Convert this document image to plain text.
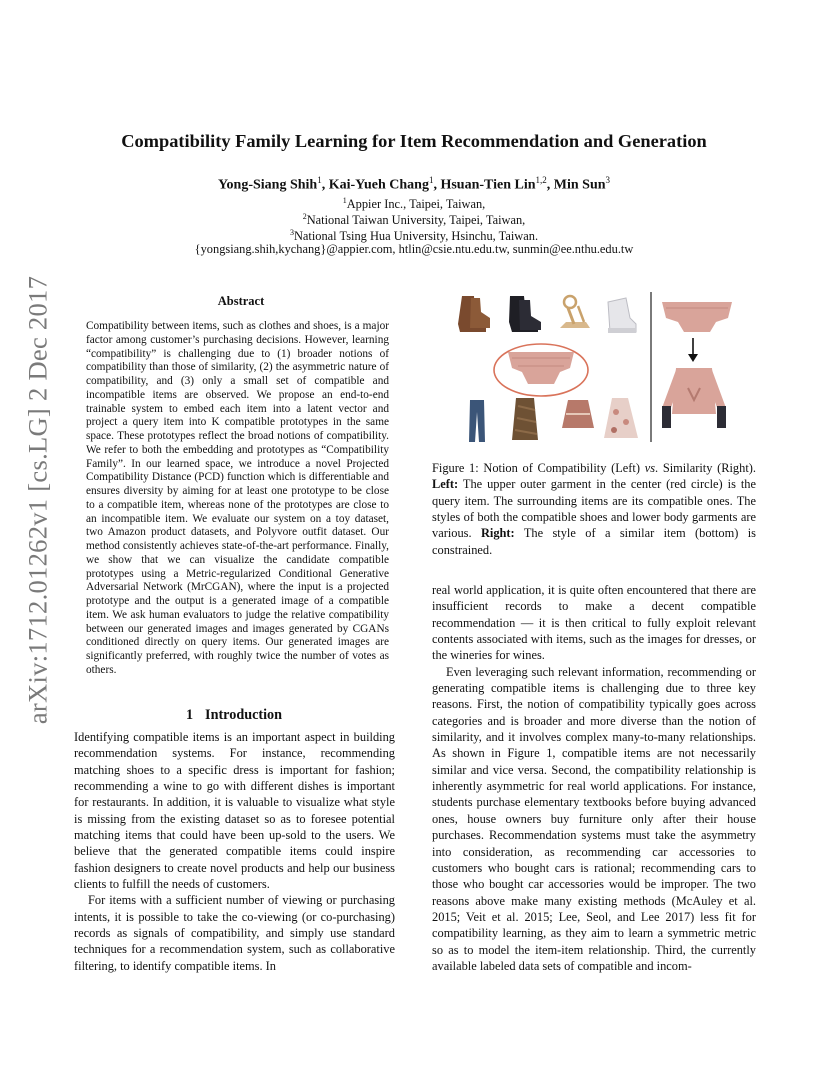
arXiv:1712.01262v1 [cs.LG] 2 Dec 2017
Compatibility Family Learning for Item Recommendation and Generation
Yong-Siang Shih$^1$, Kai-Yueh Chang$^1$, Hsuan-Tien Lin$^{1,2}$, Min Sun$^3$
$^1$Appier Inc., Taipei, Taiwan,
$^2$National Taiwan University, Taipei, Taiwan,
$^3$National Tsing Hua University, Hsinchu, Taiwan.
{yongsiang.shih,kychang}@appier.com, htlin@csie.ntu.edu.tw, sunmin@ee.nthu.edu.tw
Abstract
Compatibility between items, such as clothes and shoes, is a major factor among customer’s purchasing decisions. However, learning “compatibility” is challenging due to (1) broader notions of compatibility than those of similarity, (2) the asymmetric nature of compatibility, and (3) only a small set of compatible and incompatible items are observed. We propose an end-to-end trainable system to embed each item into a latent vector and project a query item into K compatible prototypes in the same space. These prototypes reflect the broad notions of compatibility. We refer to both the embedding and prototypes as “Compatibility Family”. In our learned space, we introduce a novel Projected Compatibility Distance (PCD) function which is differentiable and ensures diversity by aiming for at least one prototype to be close to a compatible item, whereas none of the prototypes are close to an incompatible item. We evaluate our system on a toy dataset, two Amazon product datasets, and Polyvore outfit dataset. Our method consistently achieves state-of-the-art performance. Finally, we show that we can visualize the candidate compatible prototypes using a Metric-regularized Conditional Generative Adversarial Network (MrCGAN), where the input is a projected prototype and the output is a generated image of a compatible item. We ask human evaluators to judge the relative compatibility between our generated images and images generated by CGANs conditioned directly on query items. Our generated images are significantly preferred, with roughly twice the number of votes as others.
1 Introduction

Identifying compatible items is an important aspect in building recommendation systems. For instance, recommending matching shoes to a specific dress is important for fashion; recommending a wine to go with different dishes is important for restaurants. In addition, it is valuable to visualize what style is missing from the existing dataset so as to foresee potential matching items that could have been up-sold to the users. We believe that the generated compatible items could inspire fashion designers to create novel products and help our business clients to fulfill the needs of customers.

For items with a sufficient number of viewing or purchasing intents, it is possible to take the co-viewing (or co-purchasing) records as signals of compatibility, and simply use standard techniques for a recommendation system, such as collaborative filtering, to identify compatible items. In

Figure 1: Notion of Compatibility (Left) vs. Similarity (Right). Left: The upper outer garment in the center (red circle) is the query item. The surrounding items are its compatible ones. The styles of both the compatible shoes and lower body garments are various. Right: The style of a similar item (bottom) is constrained.

real world application, it is quite often encountered that there are insufficient records to make a decent compatible recommendation — it is then critical to fully exploit relevant contents associated with items, such as the images for dresses, or the wineries for wines.

Even leveraging such relevant information, recommending or generating compatible items is challenging due to three key reasons. First, the notion of compatibility typically goes across categories and is broader and more diverse than the notion of similarity, and it involves complex many-to-many relationships. As shown in Figure 1, compatible items are not necessarily similar and vice versa. Second, the compatibility relationship is inherently asymmetric for real world applications. For instance, students purchase elementary textbooks before buying advanced ones, house owners buy furniture only after their house purchases. Recommendation systems must take the asymmetry into consideration, as recommending car accessories to customers who bought cars is rational; recommending cars to those who bought car accessories would be improper. The two reasons above make many existing methods (McAuley et al. 2015; Veit et al. 2015; Lee, Seol, and Lee 2017) less fit for compatibility learning, as they aim to learn a symmetric metric so as to model the item-item relationship. Third, the currently available labeled data sets of compatible and incom-
